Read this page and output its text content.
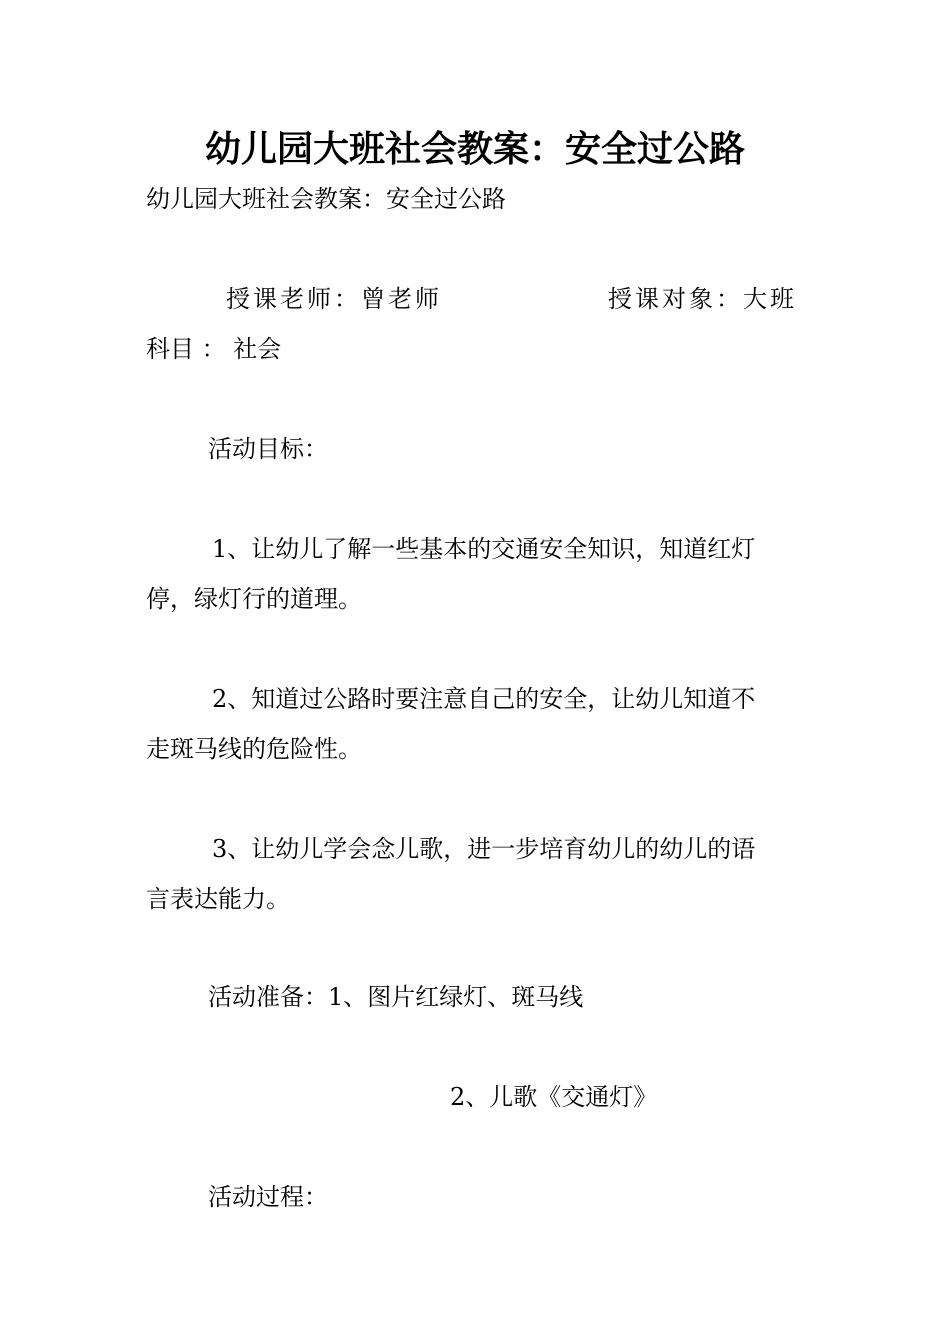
幼儿园大班社会教案：安全过公路
幼儿园大班社会教案：安全过公路
授课老师：曾老师	授课对象：大班
科目 ： 社会
活动目标：
1、让幼儿了解一些基本的交通安全知识，知道红灯
停，绿灯行的道理。
2、知道过公路时要注意自己的安全，让幼儿知道不
走斑马线的危险性。
3、让幼儿学会念儿歌，进一步培育幼儿的幼儿的语
言表达能力。
活动准备：1、图片红绿灯、斑马线
2、儿歌《交通灯》
活动过程：
